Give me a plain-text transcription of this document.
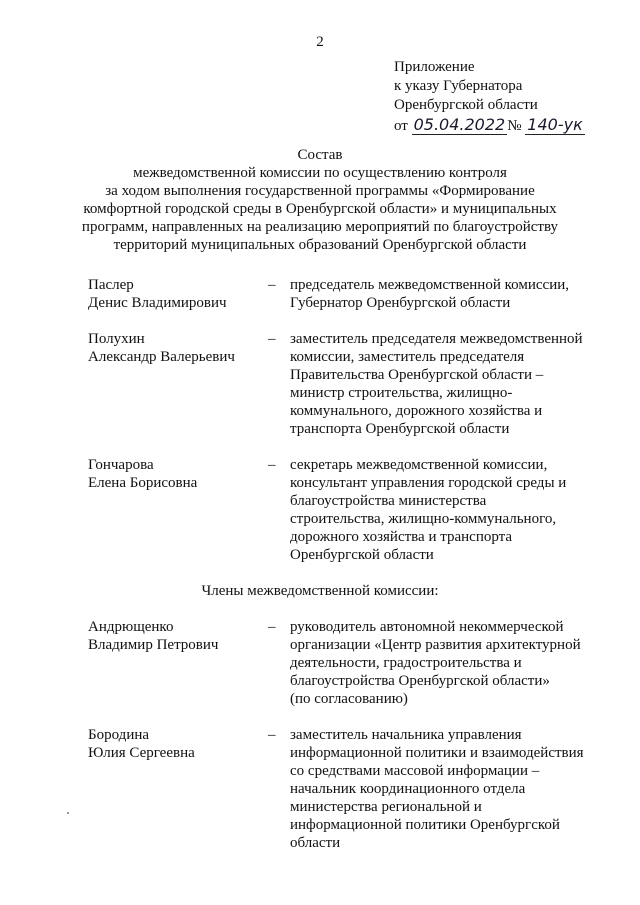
2
Приложение
к указу Губернатора
Оренбургской области
от 05.04.2022 № 140-ук
Состав
межведомственной комиссии по осуществлению контроля
за ходом выполнения государственной программы «Формирование
комфортной городской среды в Оренбургской области» и муниципальных
программ, направленных на реализацию мероприятий по благоустройству
территорий муниципальных образований Оренбургской области
Паслер
Денис Владимирович
– председатель межведомственной комиссии,
Губернатор Оренбургской области
Полухин
Александр Валерьевич
– заместитель председателя межведомственной
комиссии, заместитель председателя
Правительства Оренбургской области –
министр строительства, жилищно-
коммунального, дорожного хозяйства и
транспорта Оренбургской области
Гончарова
Елена Борисовна
– секретарь межведомственной комиссии,
консультант управления городской среды и
благоустройства министерства
строительства, жилищно-коммунального,
дорожного хозяйства и транспорта
Оренбургской области
Члены межведомственной комиссии:
Андрющенко
Владимир Петрович
– руководитель автономной некоммерческой
организации «Центр развития архитектурной
деятельности, градостроительства и
благоустройства Оренбургской области»
(по согласованию)
Бородина
Юлия Сергеевна
– заместитель начальника управления
информационной политики и взаимодействия
со средствами массовой информации –
начальник координационного отдела
министерства региональной и
информационной политики Оренбургской
области
